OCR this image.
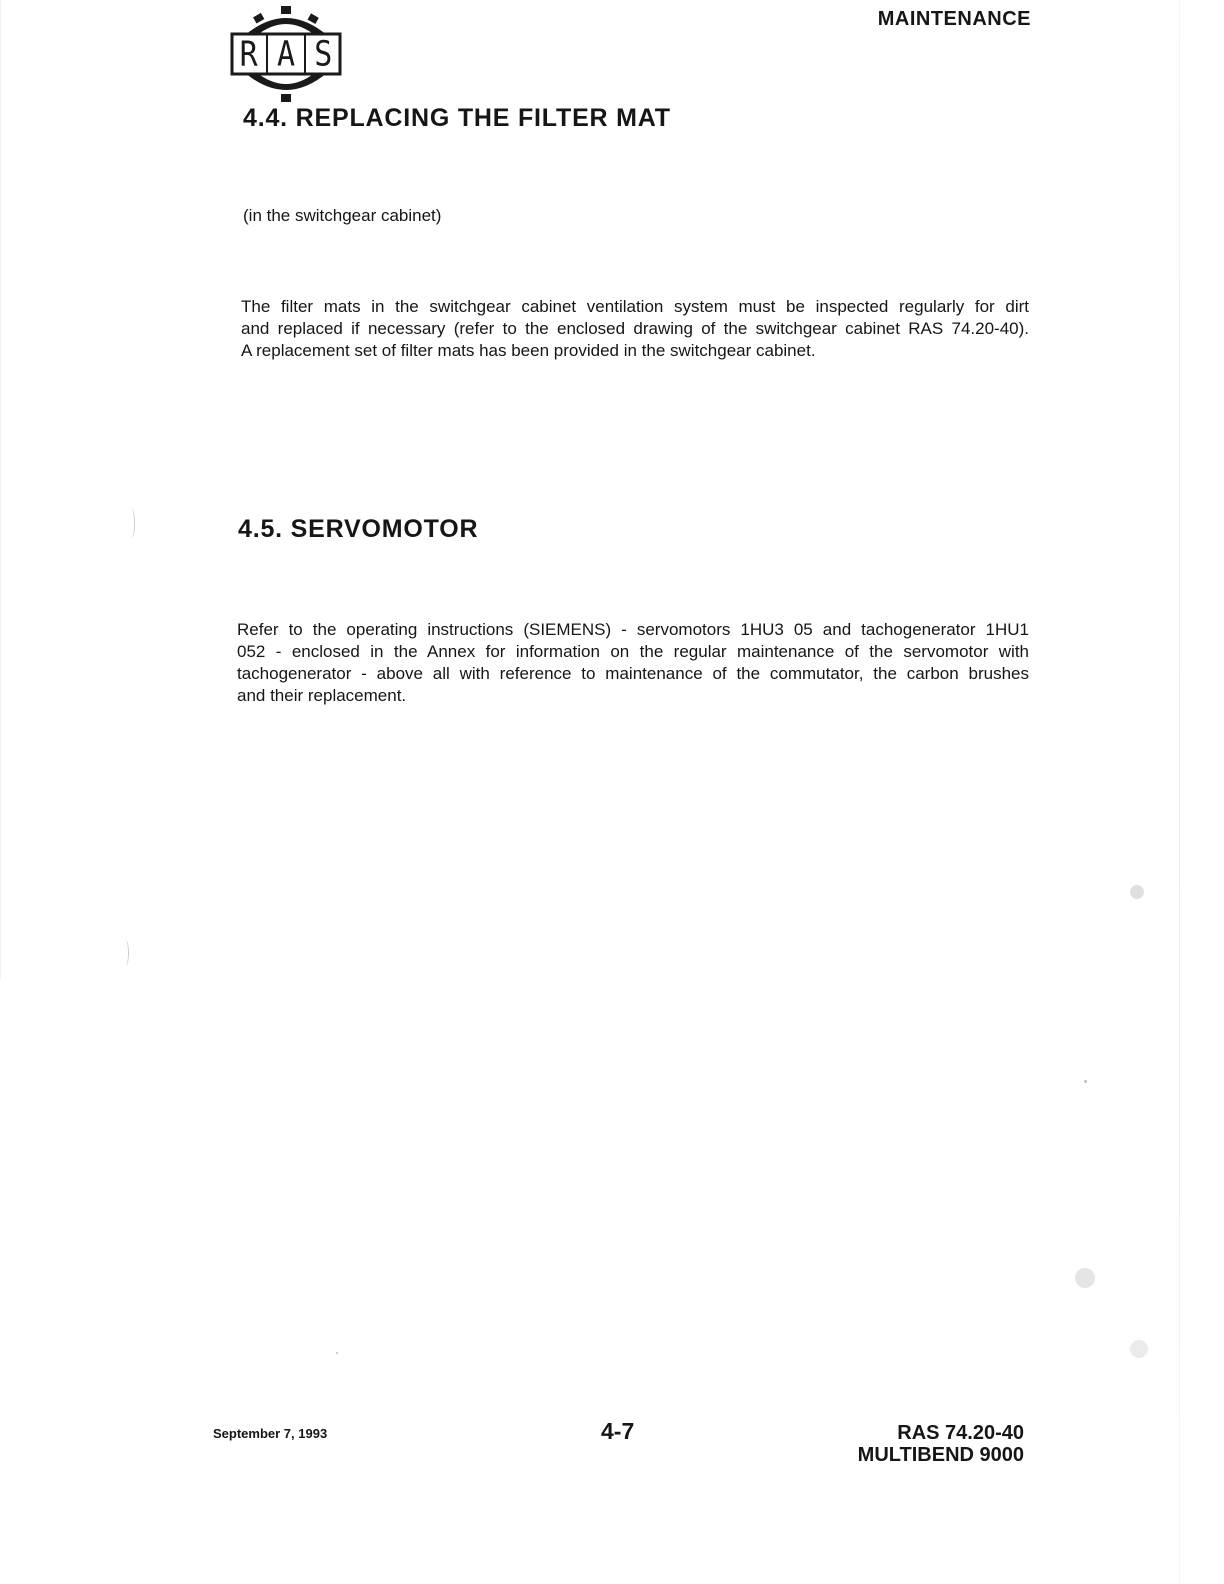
R A S
MAINTENANCE
4.4. REPLACING THE FILTER MAT
(in the switchgear cabinet)
The filter mats in the switchgear cabinet ventilation system must be inspected regularly for dirt
and replaced if necessary (refer to the enclosed drawing of the switchgear cabinet RAS 74.20-40).
A replacement set of filter mats has been provided in the switchgear cabinet.
4.5. SERVOMOTOR
Refer to the operating instructions (SIEMENS) - servomotors 1HU3 05 and tachogenerator 1HU1
052 - enclosed in the Annex for information on the regular maintenance of the servomotor with
tachogenerator - above all with reference to maintenance of the commutator, the carbon brushes
and their replacement.
September 7, 1993	4-7	RAS 74.20-40
MULTIBEND 9000
